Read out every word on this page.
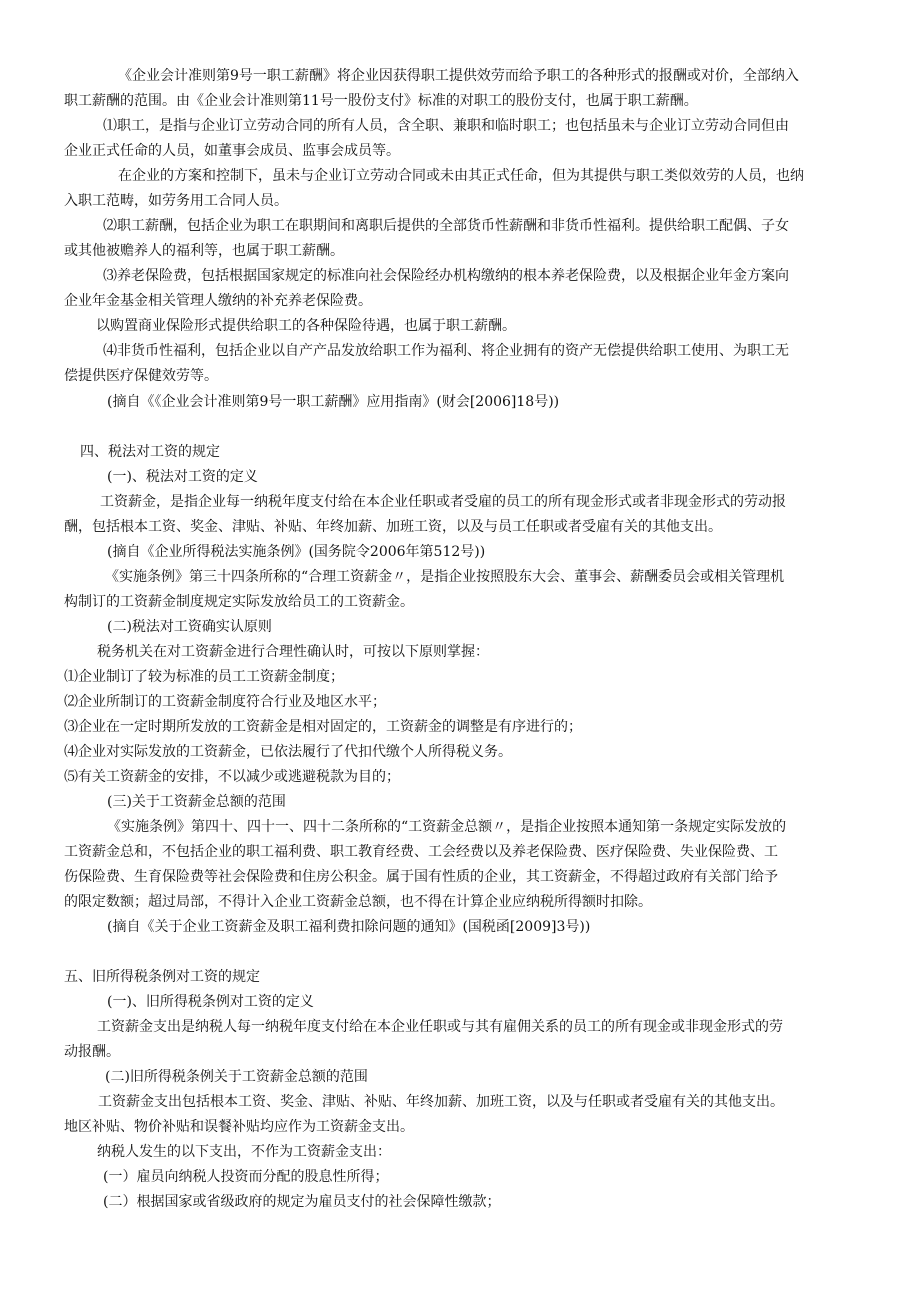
《企业会计准则第9号一职工薪酬》将企业因获得职工提供效劳而给予职工的各种形式的报酬或对价，全部纳入
职工薪酬的范围。由《企业会计准则第11号一股份支付》标准的对职工的股份支付，也属于职工薪酬。
⑴职工，是指与企业订立劳动合同的所有人员，含全职、兼职和临时职工；也包括虽未与企业订立劳动合同但由
企业正式任命的人员，如董事会成员、监事会成员等。
在企业的方案和控制下，虽未与企业订立劳动合同或未由其正式任命，但为其提供与职工类似效劳的人员，也纳
入职工范畴，如劳务用工合同人员。
⑵职工薪酬，包括企业为职工在职期间和离职后提供的全部货币性薪酬和非货币性福利。提供给职工配偶、子女
或其他被赡养人的福利等，也属于职工薪酬。
⑶养老保险费，包括根据国家规定的标准向社会保险经办机构缴纳的根本养老保险费，以及根据企业年金方案向
企业年金基金相关管理人缴纳的补充养老保险费。
以购置商业保险形式提供给职工的各种保险待遇，也属于职工薪酬。
⑷非货币性福利，包括企业以自产产品发放给职工作为福利、将企业拥有的资产无偿提供给职工使用、为职工无
偿提供医疗保健效劳等。
(摘自《《企业会计准则第9号一职工薪酬》应用指南》(财会[2006]18号))
四、税法对工资的规定
(一)、税法对工资的定义
工资薪金，是指企业每一纳税年度支付给在本企业任职或者受雇的员工的所有现金形式或者非现金形式的劳动报
酬，包括根本工资、奖金、津贴、补贴、年终加薪、加班工资，以及与员工任职或者受雇有关的其他支出。
(摘自《企业所得税法实施条例》(国务院令2006年第512号))
《实施条例》第三十四条所称的“合理工资薪金〃，是指企业按照股东大会、董事会、薪酬委员会或相关管理机
构制订的工资薪金制度规定实际发放给员工的工资薪金。
(二)税法对工资确实认原则
税务机关在对工资薪金进行合理性确认时，可按以下原则掌握：
⑴企业制订了较为标准的员工工资薪金制度；
⑵企业所制订的工资薪金制度符合行业及地区水平；
⑶企业在一定时期所发放的工资薪金是相对固定的，工资薪金的调整是有序进行的；
⑷企业对实际发放的工资薪金，已依法履行了代扣代缴个人所得税义务。
⑸有关工资薪金的安排，不以减少或逃避税款为目的；
(三)关于工资薪金总额的范围
《实施条例》第四十、四十一、四十二条所称的“工资薪金总额〃，是指企业按照本通知第一条规定实际发放的
工资薪金总和，不包括企业的职工福利费、职工教育经费、工会经费以及养老保险费、医疗保险费、失业保险费、工
伤保险费、生育保险费等社会保险费和住房公积金。属于国有性质的企业，其工资薪金，不得超过政府有关部门给予
的限定数额；超过局部，不得计入企业工资薪金总额，也不得在计算企业应纳税所得额时扣除。
(摘自《关于企业工资薪金及职工福利费扣除问题的通知》(国税函[2009]3号))
五、旧所得税条例对工资的规定
(一)、旧所得税条例对工资的定义
工资薪金支出是纳税人每一纳税年度支付给在本企业任职或与其有雇佣关系的员工的所有现金或非现金形式的劳
动报酬。
(二)旧所得税条例关于工资薪金总额的范围
工资薪金支出包括根本工资、奖金、津贴、补贴、年终加薪、加班工资，以及与任职或者受雇有关的其他支出。
地区补贴、物价补贴和误餐补贴均应作为工资薪金支出。
纳税人发生的以下支出，不作为工资薪金支出：
(一）雇员向纳税人投资而分配的股息性所得；
(二）根据国家或省级政府的规定为雇员支付的社会保障性缴款；
